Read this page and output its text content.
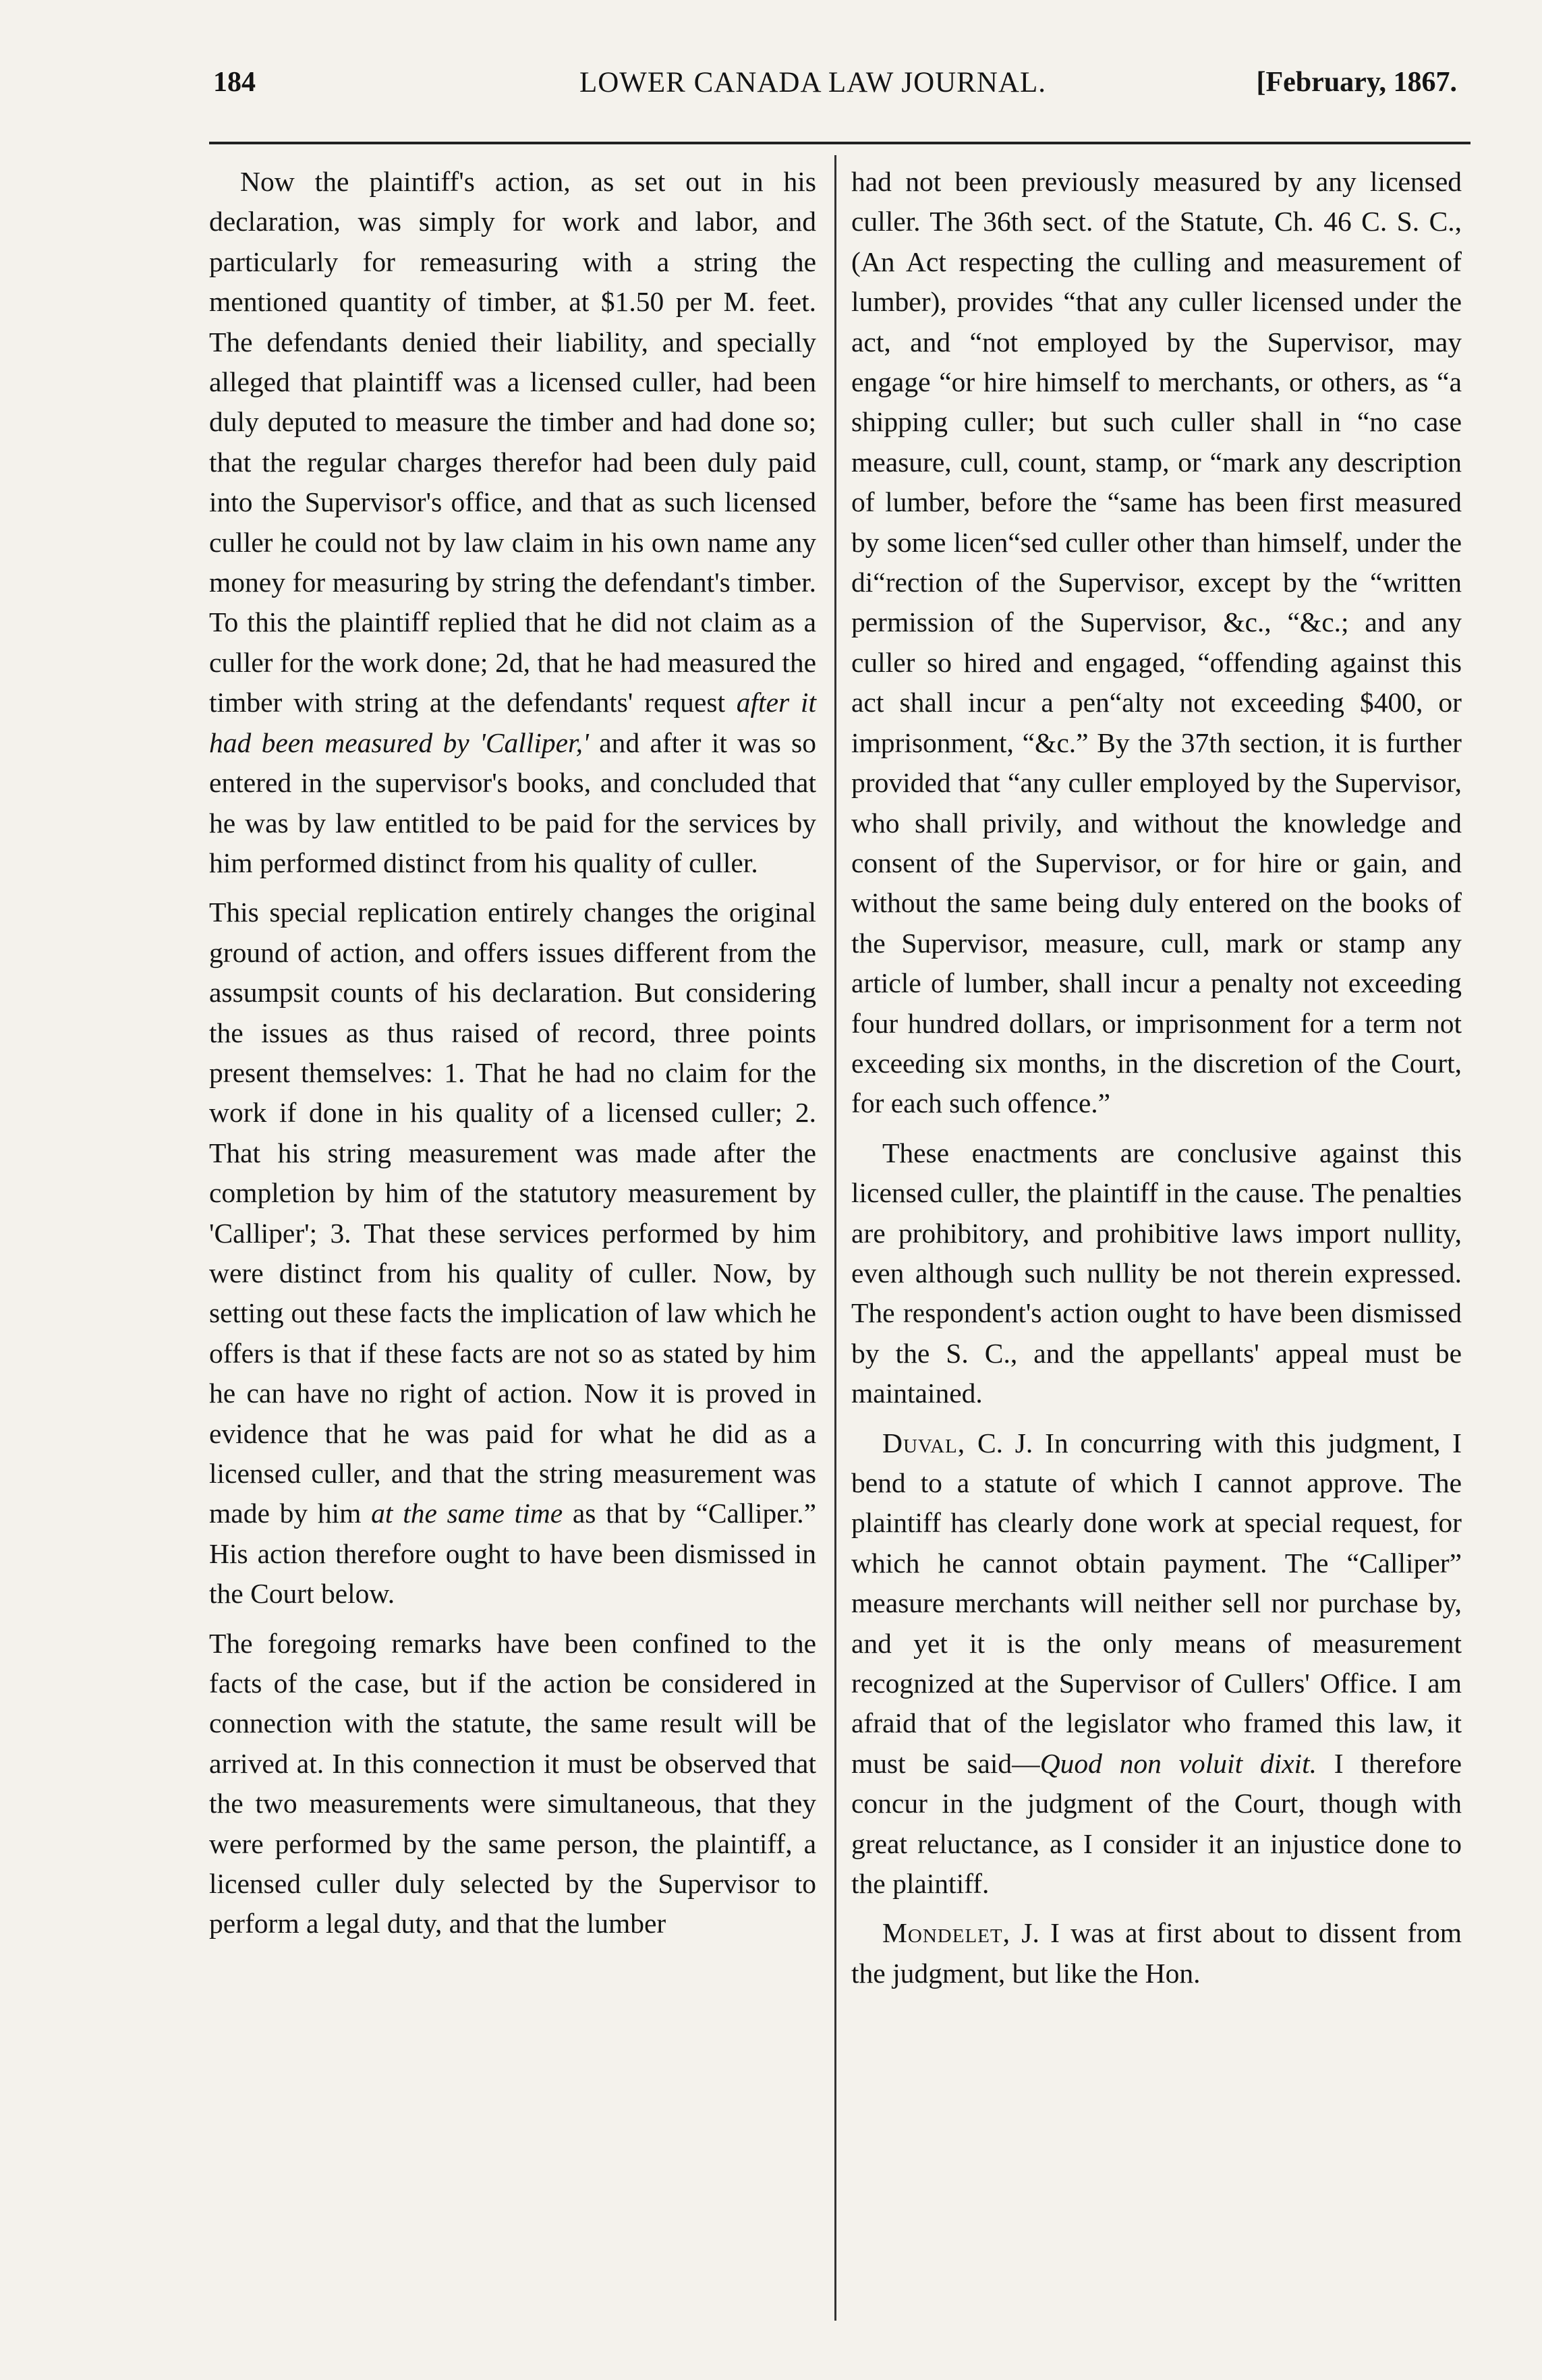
184	LOWER CANADA LAW JOURNAL.	[February, 1867.

Now the plaintiff's action, as set out in his declaration, was simply for work and labor, and particularly for remeasuring with a string the mentioned quantity of timber, at $1.50 per M. feet. The defendants denied their liability, and specially alleged that plaintiff was a licensed culler, had been duly deputed to measure the timber and had done so; that the regular charges therefor had been duly paid into the Supervisor's office, and that as such licensed culler he could not by law claim in his own name any money for measuring by string the defendant's timber. To this the plaintiff replied that he did not claim as a culler for the work done; 2d, that he had measured the timber with string at the defendants' request after it had been measured by 'Calliper,' and after it was so entered in the supervisor's books, and concluded that he was by law entitled to be paid for the services by him performed distinct from his quality of culler.

This special replication entirely changes the original ground of action, and offers issues different from the assumpsit counts of his declaration. But considering the issues as thus raised of record, three points present themselves: 1. That he had no claim for the work if done in his quality of a licensed culler; 2. That his string measurement was made after the completion by him of the statutory measurement by 'Calliper'; 3. That these services performed by him were distinct from his quality of culler. Now, by setting out these facts the implication of law which he offers is that if these facts are not so as stated by him he can have no right of action. Now it is proved in evidence that he was paid for what he did as a licensed culler, and that the string measurement was made by him at the same time as that by “Calliper.” His action therefore ought to have been dismissed in the Court below.

The foregoing remarks have been confined to the facts of the case, but if the action be considered in connection with the statute, the same result will be arrived at. In this connection it must be observed that the two measurements were simultaneous, that they were performed by the same person, the plaintiff, a licensed culler duly selected by the Supervisor to perform a legal duty, and that the lumber

had not been previously measured by any licensed culler. The 36th sect. of the Statute, Ch. 46 C. S. C., (An Act respecting the culling and measurement of lumber), provides “that any culler licensed under the act, and “not employed by the Supervisor, may engage “or hire himself to merchants, or others, as “a shipping culler; but such culler shall in “no case measure, cull, count, stamp, or “mark any description of lumber, before the “same has been first measured by some licen“sed culler other than himself, under the di“rection of the Supervisor, except by the “written permission of the Supervisor, &c., “&c.; and any culler so hired and engaged, “offending against this act shall incur a pen“alty not exceeding $400, or imprisonment, “&c.” By the 37th section, it is further provided that “any culler employed by the Supervisor, who shall privily, and without the knowledge and consent of the Supervisor, or for hire or gain, and without the same being duly entered on the books of the Supervisor, measure, cull, mark or stamp any article of lumber, shall incur a penalty not exceeding four hundred dollars, or imprisonment for a term not exceeding six months, in the discretion of the Court, for each such offence.”

These enactments are conclusive against this licensed culler, the plaintiff in the cause. The penalties are prohibitory, and prohibitive laws import nullity, even although such nullity be not therein expressed. The respondent's action ought to have been dismissed by the S. C., and the appellants' appeal must be maintained.

Duval, C. J. In concurring with this judgment, I bend to a statute of which I cannot approve. The plaintiff has clearly done work at special request, for which he cannot obtain payment. The “Calliper” measure merchants will neither sell nor purchase by, and yet it is the only means of measurement recognized at the Supervisor of Cullers' Office. I am afraid that of the legislator who framed this law, it must be said—Quod non voluit dixit. I therefore concur in the judgment of the Court, though with great reluctance, as I consider it an injustice done to the plaintiff.

Mondelet, J. I was at first about to dissent from the judgment, but like the Hon.
